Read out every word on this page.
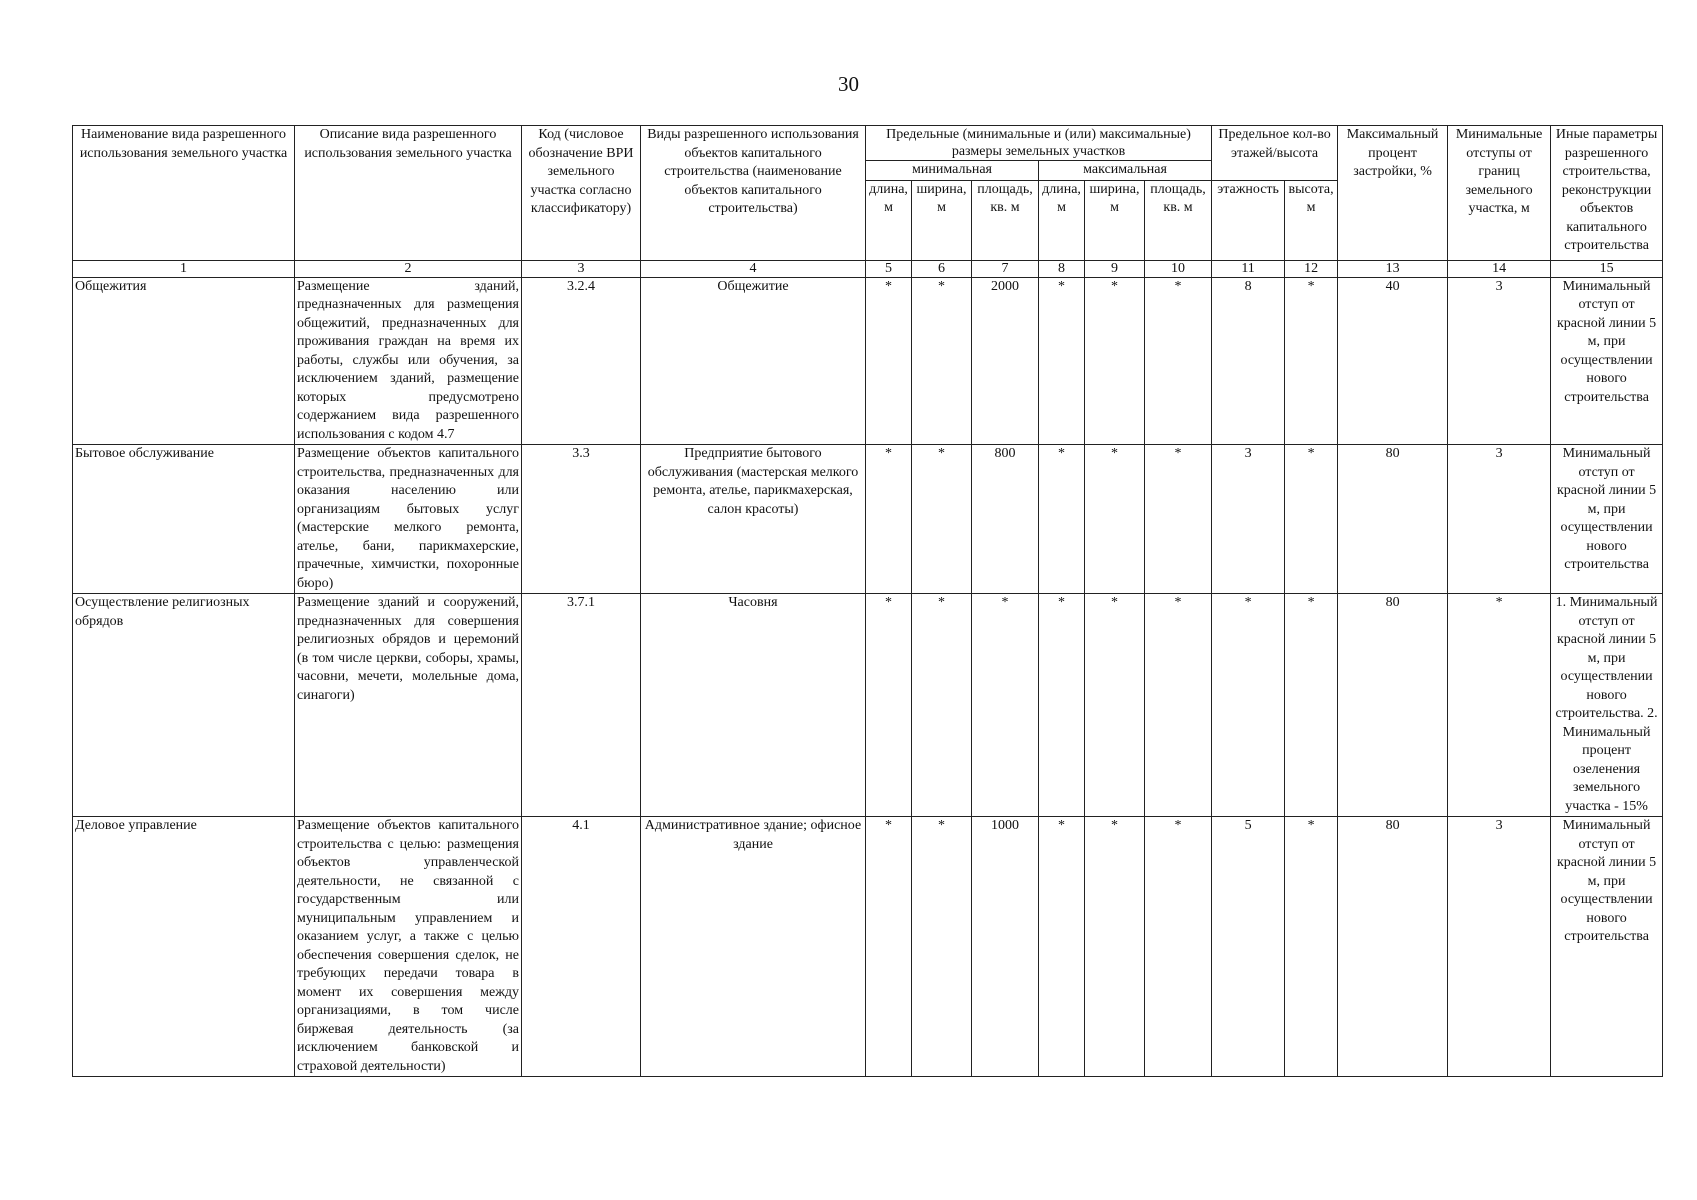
30
Наименование вида разрешенного использования земельного участка	Описание вида разрешенного использования земельного участка	Код (числовое обозначение ВРИ земельного участка согласно классификатору)	Виды разрешенного использования объектов капитального строительства (наименование объектов капитального строительства)	Предельные (минимальные и (или) максимальные) размеры земельных участков						Предельное кол-во этажей/высота		Максимальный процент застройки, %	Минимальные отступы от границ земельного участка, м	Иные параметры разрешенного строительства, реконструкции объектов капитального строительства
				минимальная			максимальная							
				длина, м	ширина, м	площадь, кв. м	длина, м	ширина, м	площадь, кв. м	этажность	высота, м			
1	2	3	4	5	6	7	8	9	10	11	12	13	14	15
Общежития	Размещение зданий, предназначенных для размещения общежитий, предназначенных для проживания граждан на время их работы, службы или обучения, за исключением зданий, размещение которых предусмотрено содержанием вида разрешенного использования с кодом 4.7	3.2.4	Общежитие	*	*	2000	*	*	*	8	*	40	3	Минимальный отступ от красной линии 5 м, при осуществлении нового строительства
Бытовое обслуживание	Размещение объектов капитального строительства, предназначенных для оказания населению или организациям бытовых услуг (мастерские мелкого ремонта, ателье, бани, парикмахерские, прачечные, химчистки, похоронные бюро)	3.3	Предприятие бытового обслуживания (мастерская мелкого ремонта, ателье, парикмахерская, салон красоты)	*	*	800	*	*	*	3	*	80	3	Минимальный отступ от красной линии 5 м, при осуществлении нового строительства
Осуществление религиозных обрядов	Размещение зданий и сооружений, предназначенных для совершения религиозных обрядов и церемоний (в том числе церкви, соборы, храмы, часовни, мечети, молельные дома, синагоги)	3.7.1	Часовня	*	*	*	*	*	*	*	*	80	*	1. Минимальный отступ от красной линии 5 м, при осуществлении нового строительства. 2. Минимальный процент озеленения земельного участка - 15%
Деловое управление	Размещение объектов капитального строительства с целью: размещения объектов управленческой деятельности, не связанной с государственным или муниципальным управлением и оказанием услуг, а также с целью обеспечения совершения сделок, не требующих передачи товара в момент их совершения между организациями, в том числе биржевая деятельность (за исключением банковской и страховой деятельности)	4.1	Административное здание; офисное здание	*	*	1000	*	*	*	5	*	80	3	Минимальный отступ от красной линии 5 м, при осуществлении нового строительства
